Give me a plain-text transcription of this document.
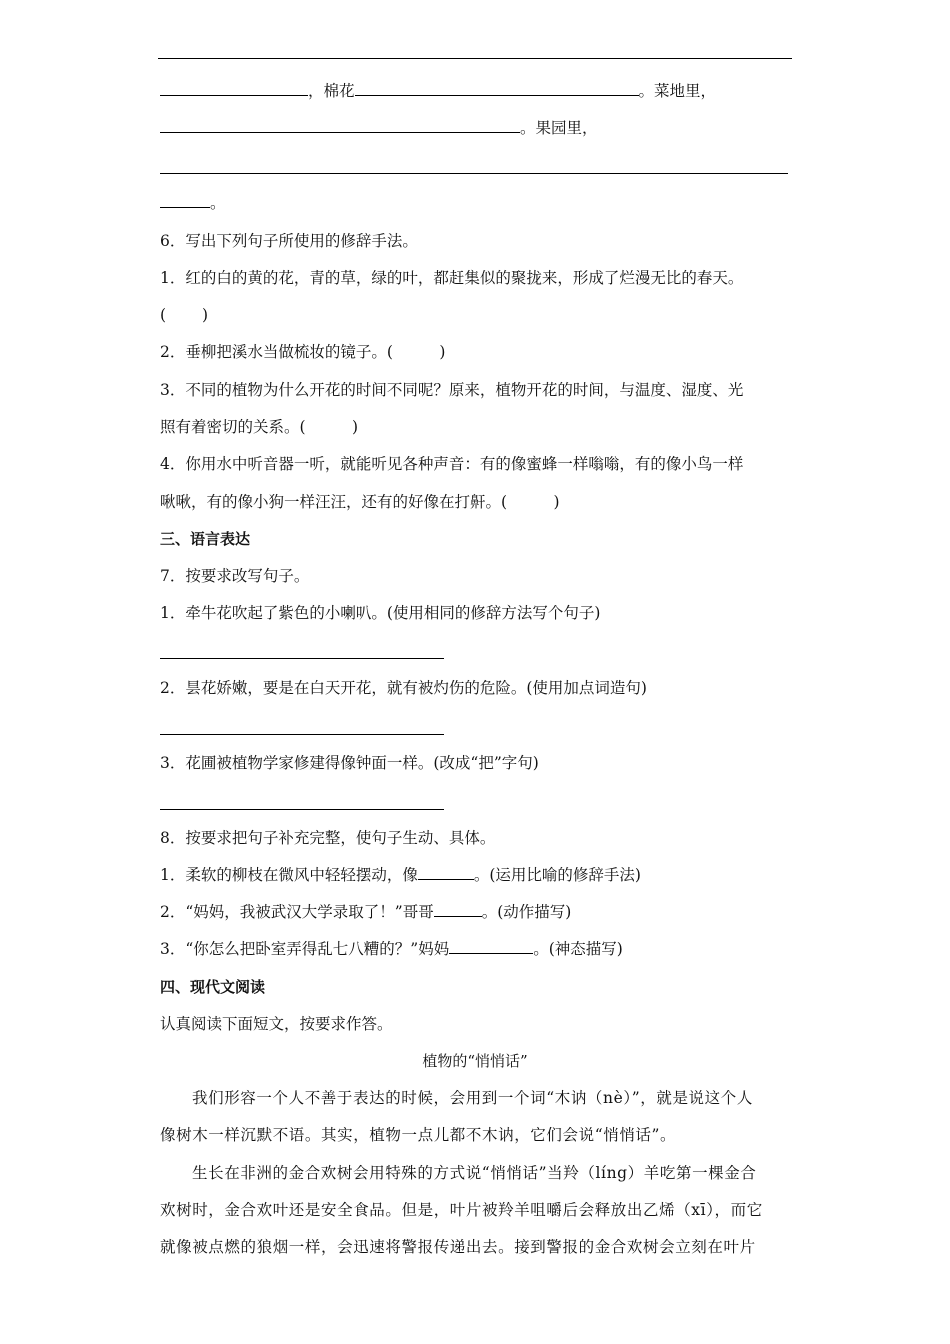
，棉花	。菜地里，
。果园里，
。
6．写出下列句子所使用的修辞手法。
1．红的白的黄的花，青的草，绿的叶，都赶集似的聚拢来，形成了烂漫无比的春天。
(　　 )
2．垂柳把溪水当做梳妆的镜子。(　　　)
3．不同的植物为什么开花的时间不同呢？原来，植物开花的时间，与温度、湿度、光
照有着密切的关系。(　　　)
4．你用水中听音器一听，就能听见各种声音：有的像蜜蜂一样嗡嗡，有的像小鸟一样
啾啾，有的像小狗一样汪汪，还有的好像在打鼾。(　　　)
三、语言表达
7．按要求改写句子。
1．牵牛花吹起了紫色的小喇叭。(使用相同的修辞方法写个句子)
2．昙花娇嫩，要是在白天开花，就有被灼伤的危险。(使用加点词造句)
3．花圃被植物学家修建得像钟面一样。(改成“把”字句)
8．按要求把句子补充完整，使句子生动、具体。
1．柔软的柳枝在微风中轻轻摆动，像	。(运用比喻的修辞手法)
2．“妈妈，我被武汉大学录取了！”哥哥	。(动作描写)
3．“你怎么把卧室弄得乱七八糟的？”妈妈	。(神态描写)
四、现代文阅读
认真阅读下面短文，按要求作答。
植物的“悄悄话”
我们形容一个人不善于表达的时候，会用到一个词“木讷（nè）”，就是说这个人
像树木一样沉默不语。其实，植物一点儿都不木讷，它们会说“悄悄话”。
生长在非洲的金合欢树会用特殊的方式说“悄悄话”当羚（líng）羊吃第一棵金合
欢树时，金合欢叶还是安全食品。但是，叶片被羚羊咀嚼后会释放出乙烯（xī），而它
就像被点燃的狼烟一样，会迅速将警报传递出去。接到警报的金合欢树会立刻在叶片
